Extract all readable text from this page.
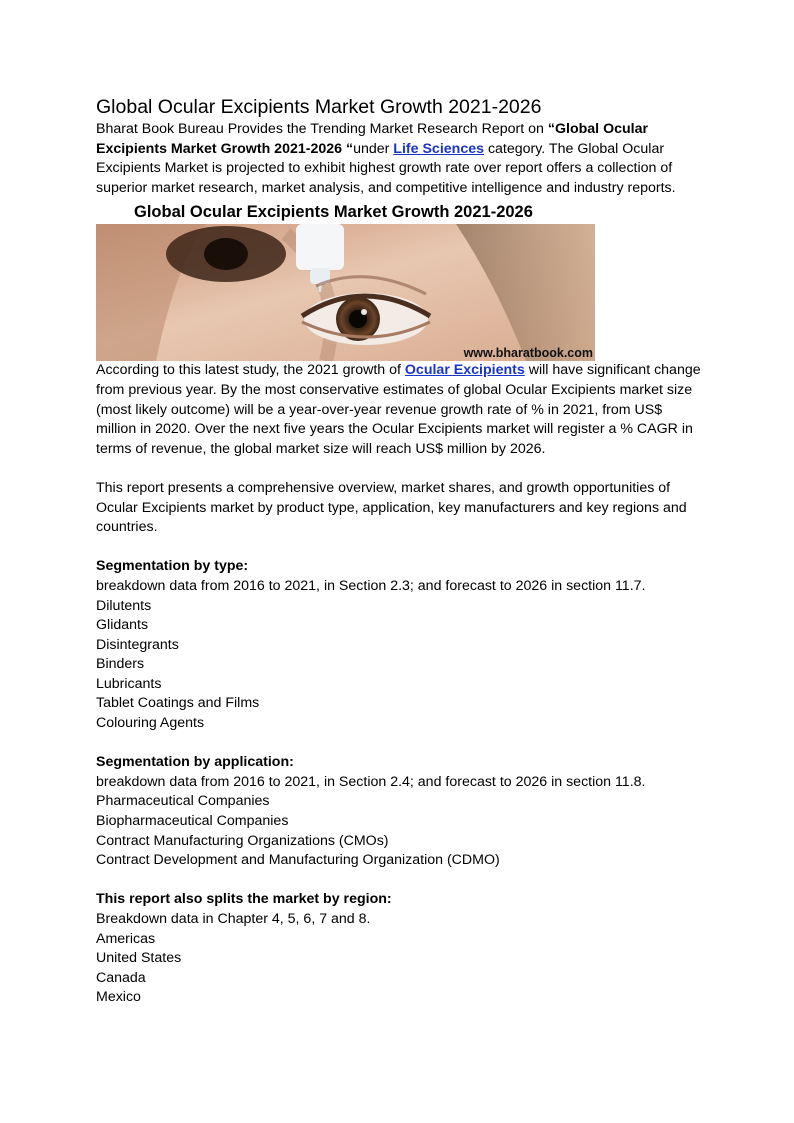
Global Ocular Excipients Market Growth 2021-2026

Bharat Book Bureau Provides the Trending Market Research Report on “Global Ocular Excipients Market Growth 2021-2026 “under Life Sciences category. The Global Ocular Excipients Market is projected to exhibit highest growth rate over report offers a collection of superior market research, market analysis, and competitive intelligence and industry reports.

Global Ocular Excipients Market Growth 2021-2026
www.bharatbook.com

According to this latest study, the 2021 growth of Ocular Excipients will have significant change from previous year. By the most conservative estimates of global Ocular Excipients market size (most likely outcome) will be a year-over-year revenue growth rate of % in 2021, from US$ million in 2020. Over the next five years the Ocular Excipients market will register a % CAGR in terms of revenue, the global market size will reach US$ million by 2026.

This report presents a comprehensive overview, market shares, and growth opportunities of Ocular Excipients market by product type, application, key manufacturers and key regions and countries.

Segmentation by type:

breakdown data from 2016 to 2021, in Section 2.3; and forecast to 2026 in section 11.7.

Dilutents
Glidants
Disintegrants
Binders
Lubricants
Tablet Coatings and Films
Colouring Agents

Segmentation by application:

breakdown data from 2016 to 2021, in Section 2.4; and forecast to 2026 in section 11.8.

Pharmaceutical Companies
Biopharmaceutical Companies
Contract Manufacturing Organizations (CMOs)
Contract Development and Manufacturing Organization (CDMO)

This report also splits the market by region:

Breakdown data in Chapter 4, 5, 6, 7 and 8.

Americas
United States
Canada
Mexico
